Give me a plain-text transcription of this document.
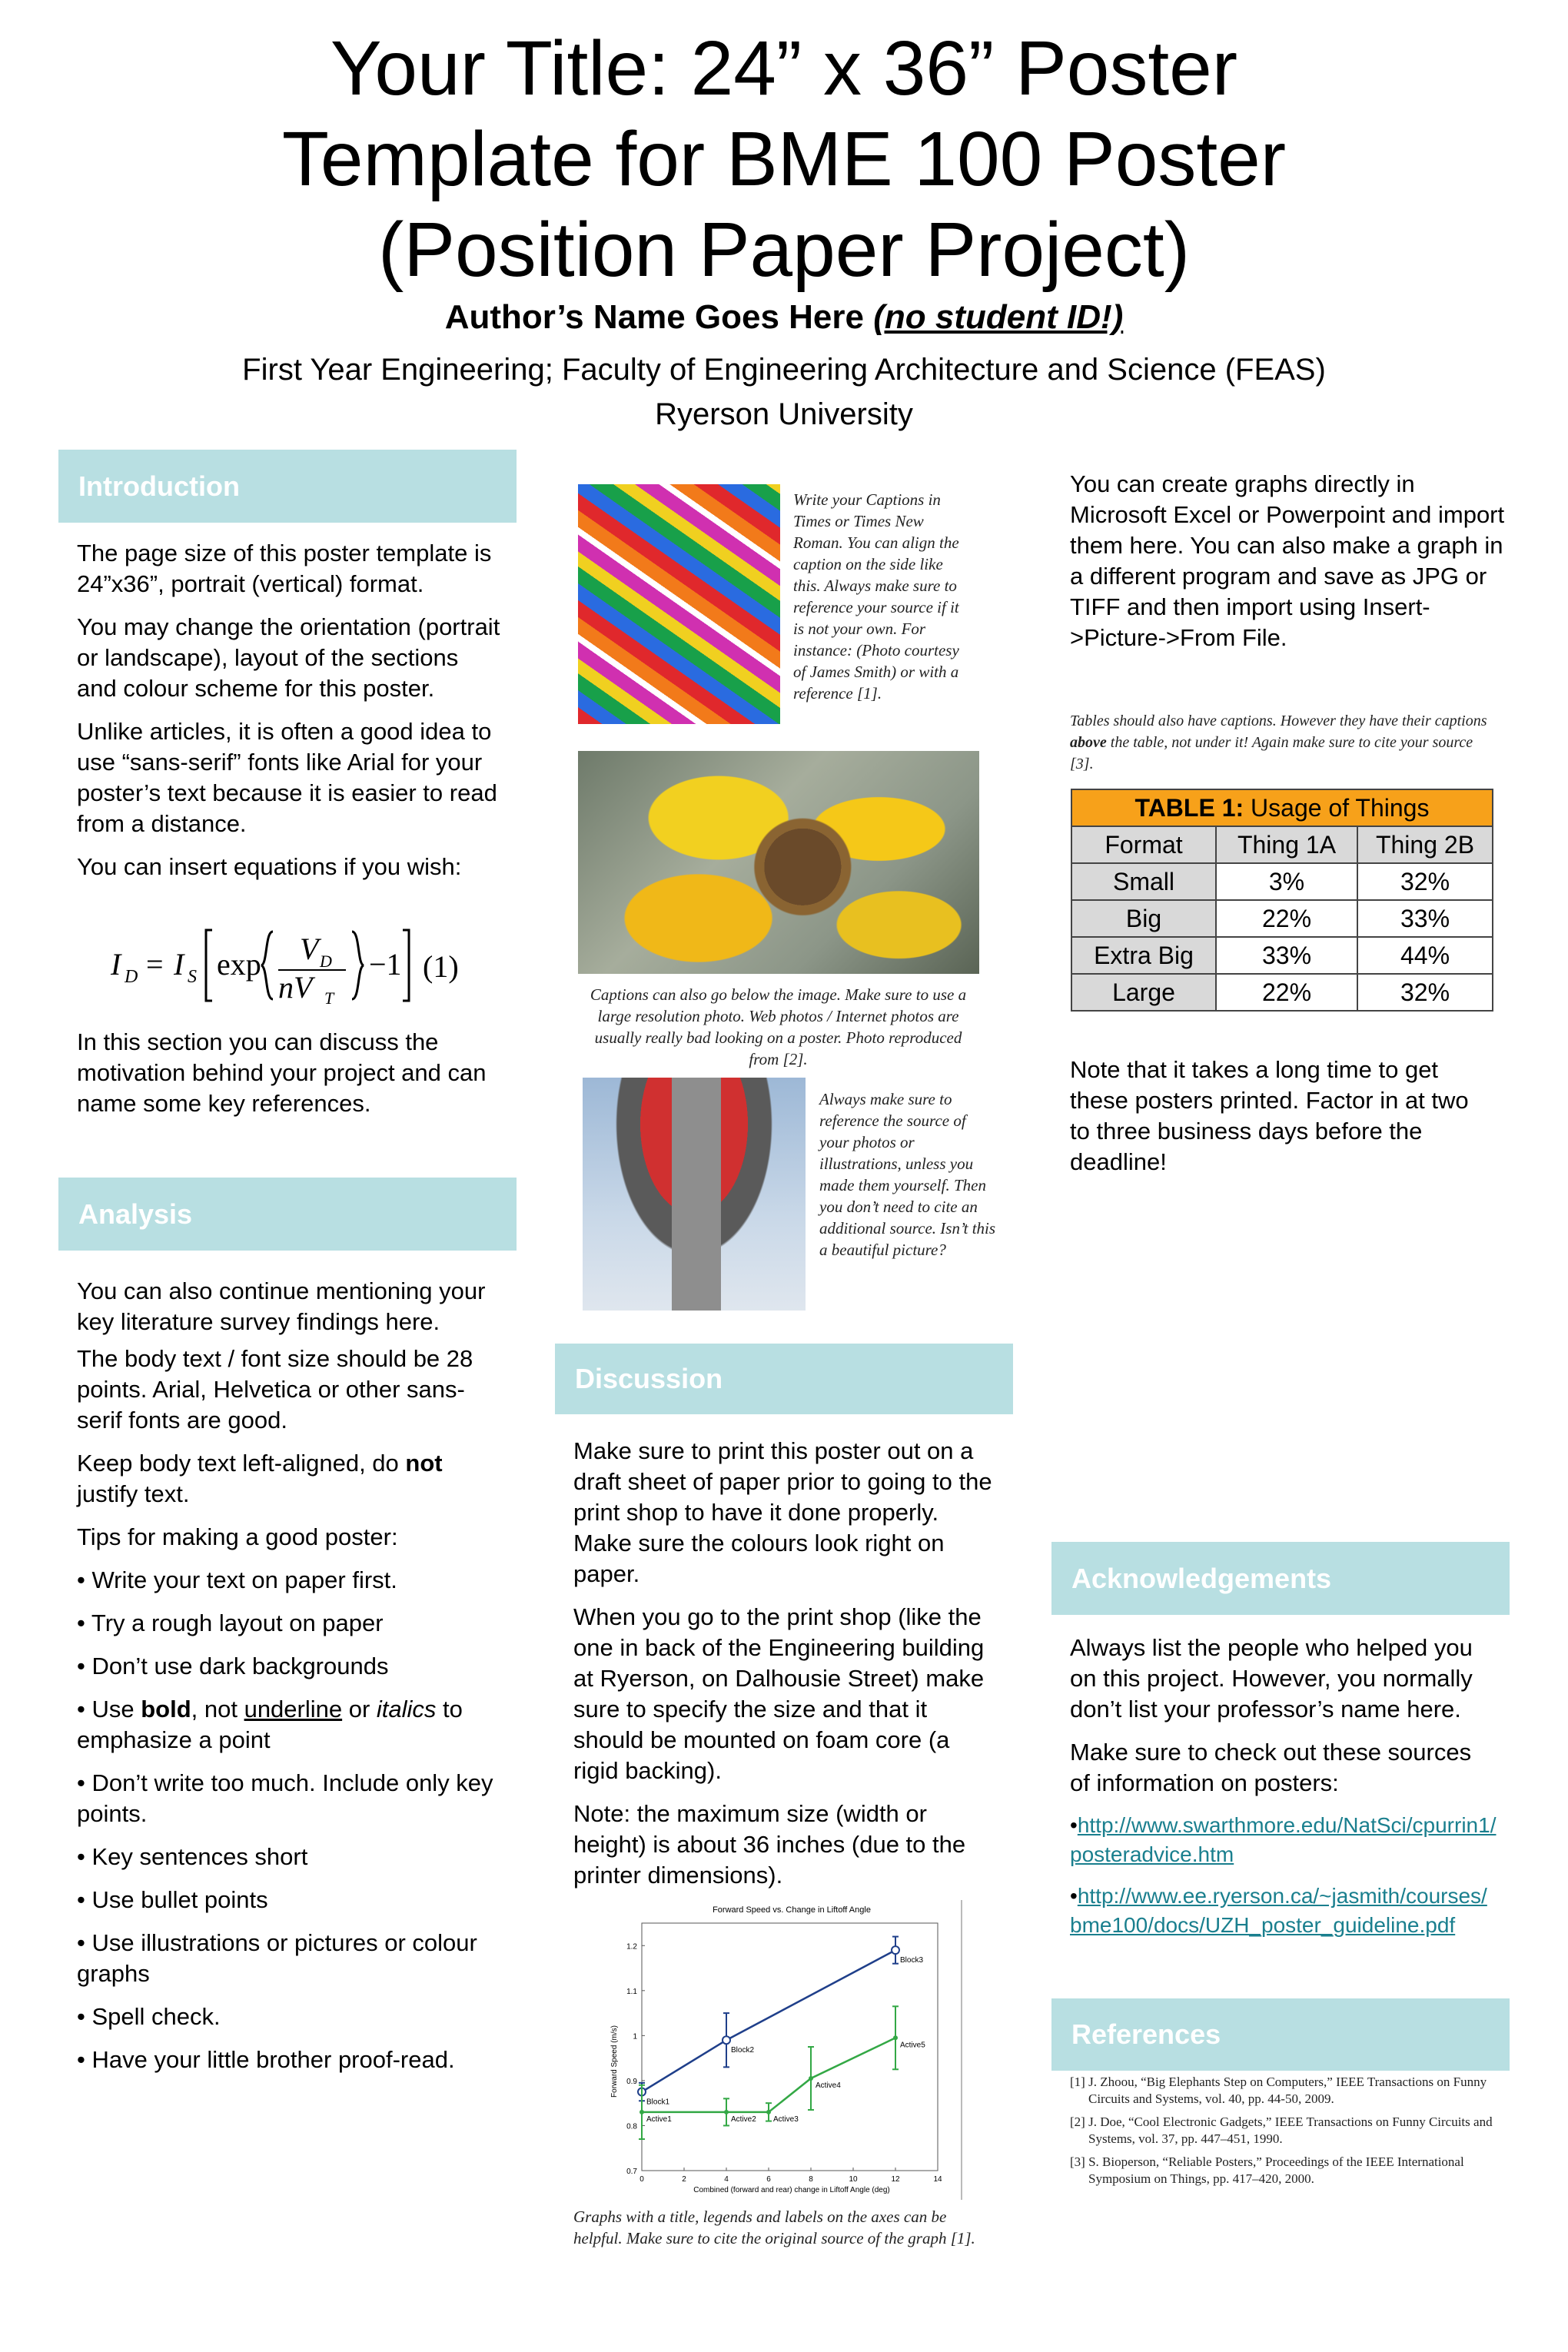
Your Title: 24” x 36” Poster
Template for BME 100 Poster
(Position Paper Project)
Author’s Name Goes Here (no student ID!)
First Year Engineering; Faculty of Engineering Architecture and Science (FEAS)
Ryerson University
Introduction

The page size of this poster template is 24”x36”, portrait (vertical) format.

You may change the orientation (portrait or landscape), layout of the sections and colour scheme for this poster.

Unlike articles, it is often a good idea to use “sans-serif” fonts like Arial for your poster’s text because it is easier to read from a distance.

You can insert equations if you wish:

I D = I S exp V D
nV T
−1 (1)

In this section you can discuss the motivation behind your project and can name some key references.

Analysis

You can also continue mentioning your key literature survey findings here.

The body text / font size should be 28 points. Arial, Helvetica or other sans-serif fonts are good.

Keep body text left-aligned, do not justify text.

Tips for making a good poster:

• Write your text on paper first.

• Try a rough layout on paper

• Don’t use dark backgrounds

• Use bold, not underline or italics to emphasize a point

• Don’t write too much. Include only key points.

• Key sentences short

• Use bullet points

• Use illustrations or pictures or colour graphs

• Spell check.

• Have your little brother proof-read.

Write your Captions in Times or Times New Roman. You can align the caption on the side like this. Always make sure to reference your source if it is not your own. For instance: (Photo courtesy of James Smith) or with a reference [1].
Captions can also go below the image. Make sure to use a large resolution photo. Web photos / Internet photos are usually really bad looking on a poster. Photo reproduced from [2].
Always make sure to reference the source of your photos or illustrations, unless you made them yourself. Then you don’t need to cite an additional source. Isn’t this a beautiful picture?
Discussion

Make sure to print this poster out on a draft sheet of paper prior to going to the print shop to have it done properly. Make sure the colours look right on paper.

When you go to the print shop (like the one in back of the Engineering building at Ryerson, on Dalhousie Street) make sure to specify the size and that it should be mounted on foam core (a rigid backing).

Note: the maximum size (width or height) is about 36 inches (due to the printer dimensions).

Forward Speed vs. Change in Liftoff Angle
Combined (forward and rear) change in Liftoff Angle (deg)
Forward Speed (m/s)
0	2	4	6	8	10	12	14
0.7
0.8
0.9
1
1.1
1.2
Block1
Block2
Block3
Active1	Active2 Active3
Active4
Active5
Graphs with a title, legends and labels on the axes can be helpful. Make sure to cite the original source of the graph [1].

You can create graphs directly in Microsoft Excel or Powerpoint and import them here. You can also make a graph in a different program and save as JPG or TIFF and then import using Insert->Picture->From File.

Tables should also have captions. However they have their captions above the table, not under it! Again make sure to cite your source [3].
TABLE 1: Usage of Things
Format	Thing 1A	Thing 2B
Small	3%	32%
Big	22%	33%
Extra Big	33%	44%
Large	22%	32%

Note that it takes a long time to get these posters printed. Factor in at two to three business days before the deadline!

Acknowledgements

Always list the people who helped you on this project. However, you normally don’t list your professor’s name here.

Make sure to check out these sources of information on posters:

•http://www.swarthmore.edu/NatSci/cpurrin1/posteradvice.htm

•http://www.ee.ryerson.ca/~jasmith/courses/bme100/docs/UZH_poster_guideline.pdf

References

[1] J. Zhoou, “Big Elephants Step on Computers,” IEEE Transactions on Funny Circuits and Systems, vol. 40, pp. 44-50, 2009.

[2] J. Doe, “Cool Electronic Gadgets,” IEEE Transactions on Funny Circuits and Systems, vol. 37, pp. 447–451, 1990.

[3] S. Bioperson, “Reliable Posters,” Proceedings of the IEEE International Symposium on Things, pp. 417–420, 2000.
